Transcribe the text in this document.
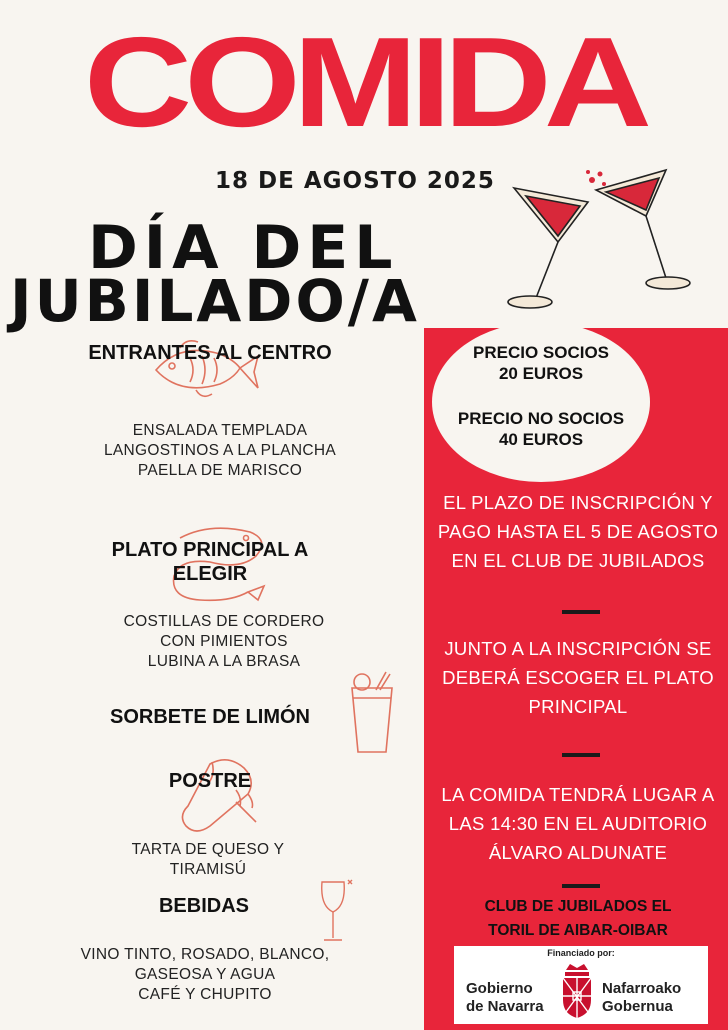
COMIDA
18 DE AGOSTO 2025
DÍA DEL
JUBILADO/A
PRECIO SOCIOS
20 EUROS
PRECIO NO SOCIOS
40 EUROS
EL PLAZO DE INSCRIPCIÓN Y
PAGO HASTA EL 5 DE AGOSTO
EN EL CLUB DE JUBILADOS
JUNTO A LA INSCRIPCIÓN SE
DEBERÁ ESCOGER EL PLATO
PRINCIPAL
LA COMIDA TENDRÁ LUGAR A
LAS 14:30 EN EL AUDITORIO
ÁLVARO ALDUNATE
CLUB DE JUBILADOS EL
TORIL DE AIBAR-OIBAR
Financiado por:
Gobierno
de Navarra
Nafarroako
Gobernua
ENTRANTES AL CENTRO
ENSALADA TEMPLADA
LANGOSTINOS A LA PLANCHA
PAELLA DE MARISCO
PLATO PRINCIPAL A
ELEGIR
COSTILLAS DE CORDERO
CON PIMIENTOS
LUBINA A LA BRASA
SORBETE DE LIMÓN
POSTRE
TARTA DE QUESO Y
TIRAMISÚ
BEBIDAS
VINO TINTO, ROSADO, BLANCO,
GASEOSA Y AGUA
CAFÉ Y CHUPITO
